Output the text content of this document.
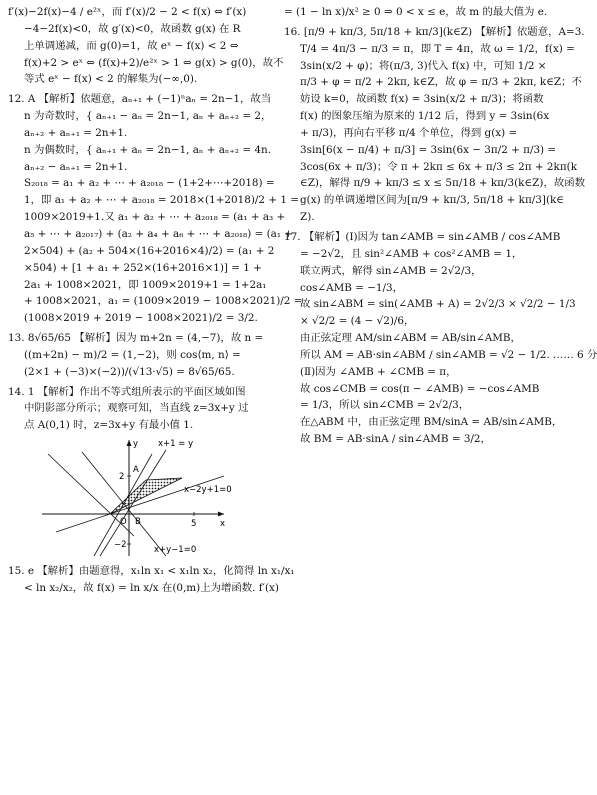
f′(x)−2f(x)−4 / e²ˣ，而 f′(x)/2 − 2 < f(x) ⇔ f′(x)
−4−2f(x)<0，故 g′(x)<0，故函数 g(x) 在 R
上单调递减，而 g(0)=1，故 eˣ − f(x) < 2 ⇔
f(x)+2 > eˣ ⇔ (f(x)+2)/e²ˣ > 1 ⇔ g(x) > g(0)，故不
等式 eˣ − f(x) < 2 的解集为(−∞,0).
12. A 【解析】依题意，aₙ₊₁ + (−1)ⁿaₙ = 2n−1，故当
n 为奇数时，{ aₙ₊₁ − aₙ = 2n−1, aₙ + aₙ₊₂ = 2，
aₙ₊₂ + aₙ₊₁ = 2n+1.
n 为偶数时，{ aₙ₊₁ + aₙ = 2n−1, aₙ + aₙ₊₂ = 4n.
aₙ₊₂ − aₙ₊₁ = 2n+1.
S₂₀₁₈ = a₁ + a₂ + ⋯ + a₂₀₁₈ − (1+2+⋯+2018) =
1，即 a₁ + a₂ + ⋯ + a₂₀₁₈ = 2018×(1+2018)/2 + 1 =
1009×2019+1.又 a₁ + a₂ + ⋯ + a₂₀₁₈ = (a₁ + a₃ +
a₅ + ⋯ + a₂₀₁₇) + (a₂ + a₄ + a₆ + ⋯ + a₂₀₁₈) = (a₁ +
2×504) + (a₂ + 504×(16+2016×4)/2) = (a₁ + 2
×504) + [1 + a₁ + 252×(16+2016×1)] = 1 +
2a₁ + 1008×2021，即 1009×2019+1 = 1+2a₁
+ 1008×2021，a₁ = (1009×2019 − 1008×2021)/2 =
(1008×2019 + 2019 − 1008×2021)/2 = 3/2.
13. 8√65/65 【解析】因为 m+2n = (4,−7)，故 n =
((m+2n) − m)/2 = (1,−2)，则 cos⟨m, n⟩ =
(2×1 + (−3)×(−2))/(√13·√5) = 8√65/65.
14. 1 【解析】作出不等式组所表示的平面区域如图
中阴影部分所示；观察可知，当直线 z=3x+y 过
点 A(0,1) 时，z=3x+y 有最小值 1.
x+1 = y
x−2y+1=0
x+y−1=0
y
x
O
A
B	5
2
−2
15. e 【解析】由题意得，x₁ln x₁ < x₁ln x₂，化简得 ln x₁/x₁
< ln x₂/x₂，故 f(x) = ln x/x 在(0,m)上为增函数. f′(x)
= (1 − ln x)/x² ≥ 0 ⇒ 0 < x ≤ e，故 m 的最大值为 e.
16. [π/9 + kπ/3, 5π/18 + kπ/3](k∈Z) 【解析】依题意，A=3.
T/4 = 4π/3 − π/3 = π，即 T = 4π，故 ω = 1/2，f(x) =
3sin(x/2 + φ)；将(π/3, 3)代入 f(x) 中，可知 1/2 ×
π/3 + φ = π/2 + 2kπ, k∈Z，故 φ = π/3 + 2kπ, k∈Z；不
妨设 k=0，故函数 f(x) = 3sin(x/2 + π/3)；将函数
f(x) 的图象压缩为原来的 1/12 后，得到 y = 3sin(6x
+ π/3)，再向右平移 π/4 个单位，得到 g(x) =
3sin[6(x − π/4) + π/3] = 3sin(6x − 3π/2 + π/3) =
3cos(6x + π/3)；令 π + 2kπ ≤ 6x + π/3 ≤ 2π + 2kπ(k
∈Z)，解得 π/9 + kπ/3 ≤ x ≤ 5π/18 + kπ/3(k∈Z)，故函数
g(x) 的单调递增区间为[π/9 + kπ/3, 5π/18 + kπ/3](k∈
Z).
17. 【解析】(Ⅰ)因为 tan∠AMB = sin∠AMB / cos∠AMB
= −2√2，且 sin²∠AMB + cos²∠AMB = 1，
联立两式，解得 sin∠AMB = 2√2/3，
cos∠AMB = −1/3，
故 sin∠ABM = sin(∠AMB + A) = 2√2/3 × √2/2 − 1/3
× √2/2 = (4 − √2)/6，
由正弦定理 AM/sin∠ABM = AB/sin∠AMB，
所以 AM = AB·sin∠ABM / sin∠AMB = √2 − 1/2. …… 6 分
(Ⅱ)因为 ∠AMB + ∠CMB = π，
故 cos∠CMB = cos(π − ∠AMB) = −cos∠AMB
= 1/3，所以 sin∠CMB = 2√2/3，
在△ABM 中，由正弦定理 BM/sinA = AB/sin∠AMB，
故 BM = AB·sinA / sin∠AMB = 3/2，
